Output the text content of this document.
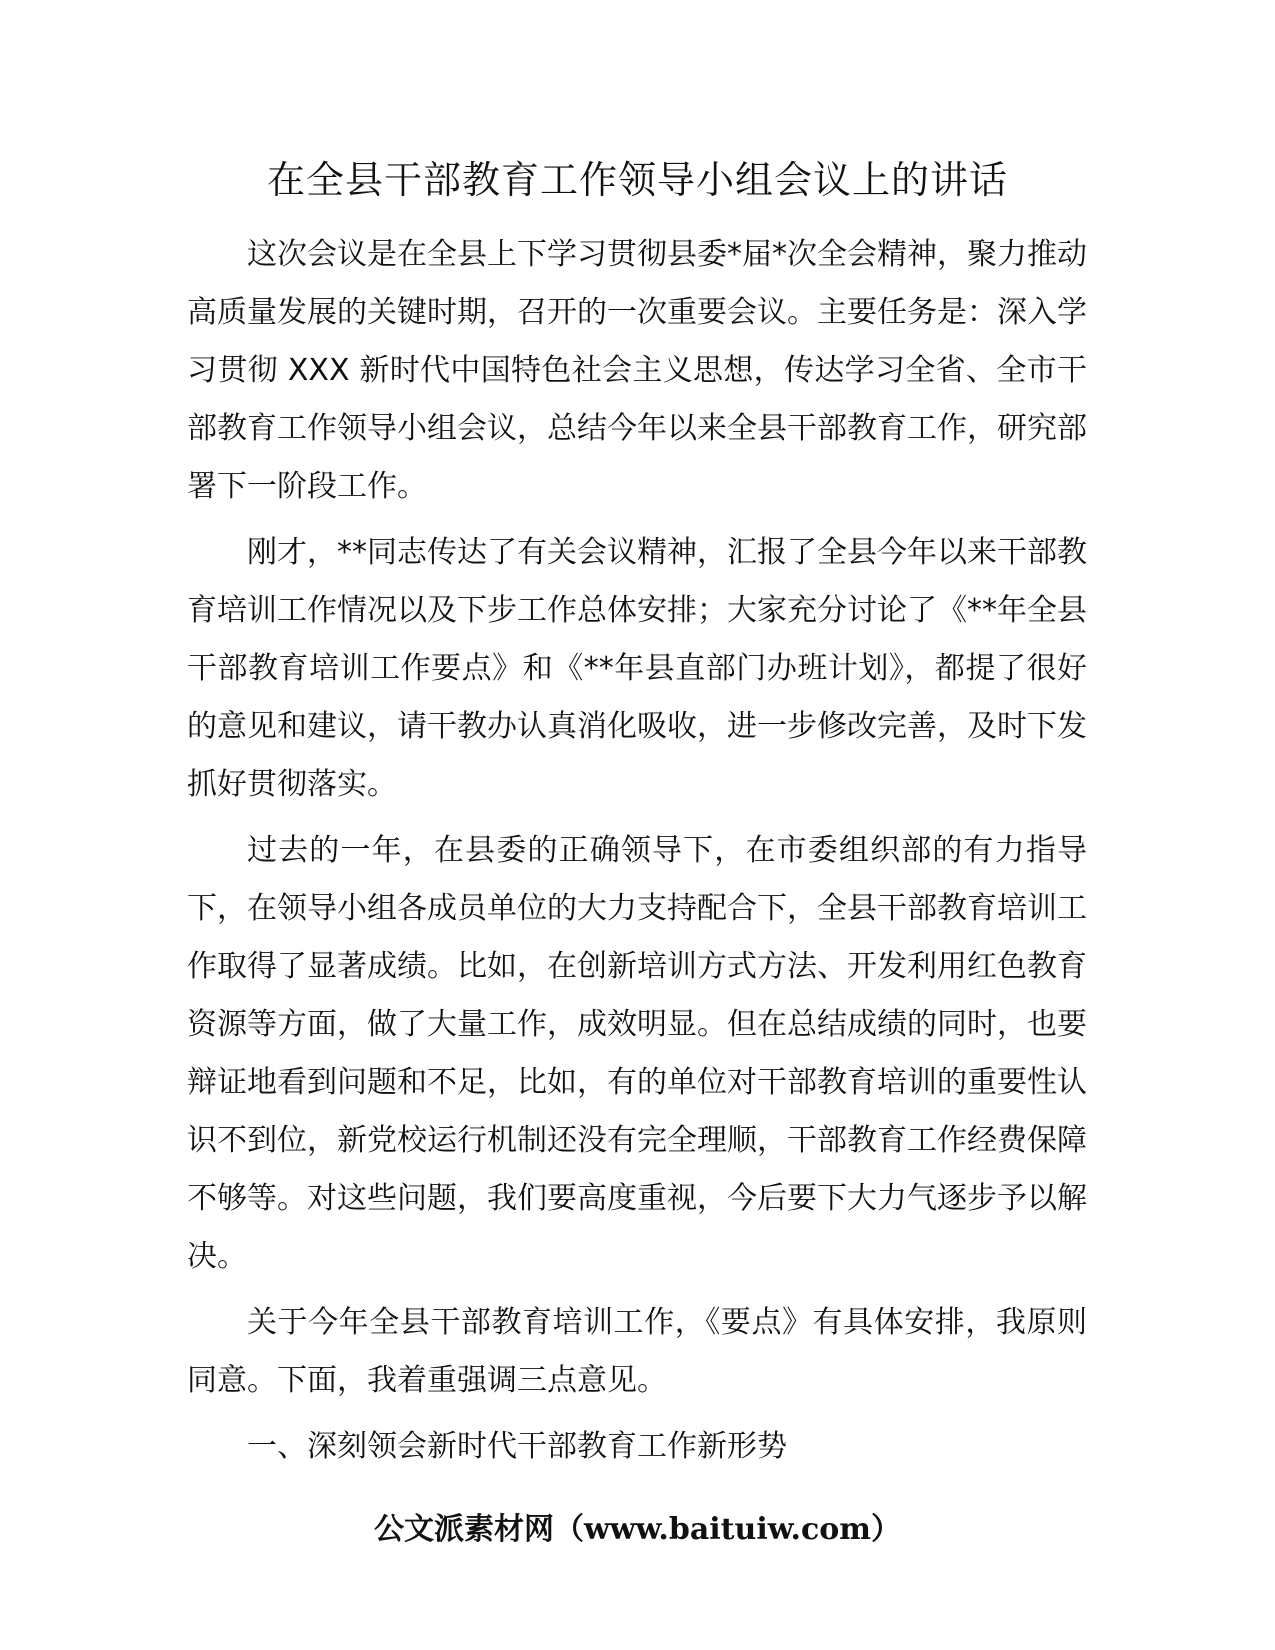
在全县干部教育工作领导小组会议上的讲话

这次会议是在全县上下学习贯彻县委*届*次全会精神，聚力推动高质量发展的关键时期，召开的一次重要会议。主要任务是：深入学习贯彻 XXX 新时代中国特色社会主义思想，传达学习全省、全市干部教育工作领导小组会议，总结今年以来全县干部教育工作，研究部署下一阶段工作。

刚才，**同志传达了有关会议精神，汇报了全县今年以来干部教育培训工作情况以及下步工作总体安排；大家充分讨论了《**年全县干部教育培训工作要点》和《**年县直部门办班计划》，都提了很好的意见和建议，请干教办认真消化吸收，进一步修改完善，及时下发抓好贯彻落实。

过去的一年，在县委的正确领导下，在市委组织部的有力指导下，在领导小组各成员单位的大力支持配合下，全县干部教育培训工作取得了显著成绩。比如，在创新培训方式方法、开发利用红色教育资源等方面，做了大量工作，成效明显。但在总结成绩的同时，也要辩证地看到问题和不足，比如，有的单位对干部教育培训的重要性认识不到位，新党校运行机制还没有完全理顺，干部教育工作经费保障不够等。对这些问题，我们要高度重视，今后要下大力气逐步予以解决。

关于今年全县干部教育培训工作，《要点》有具体安排，我原则同意。下面，我着重强调三点意见。

一、深刻领会新时代干部教育工作新形势

公文派素材网（www.baituiw.com）
